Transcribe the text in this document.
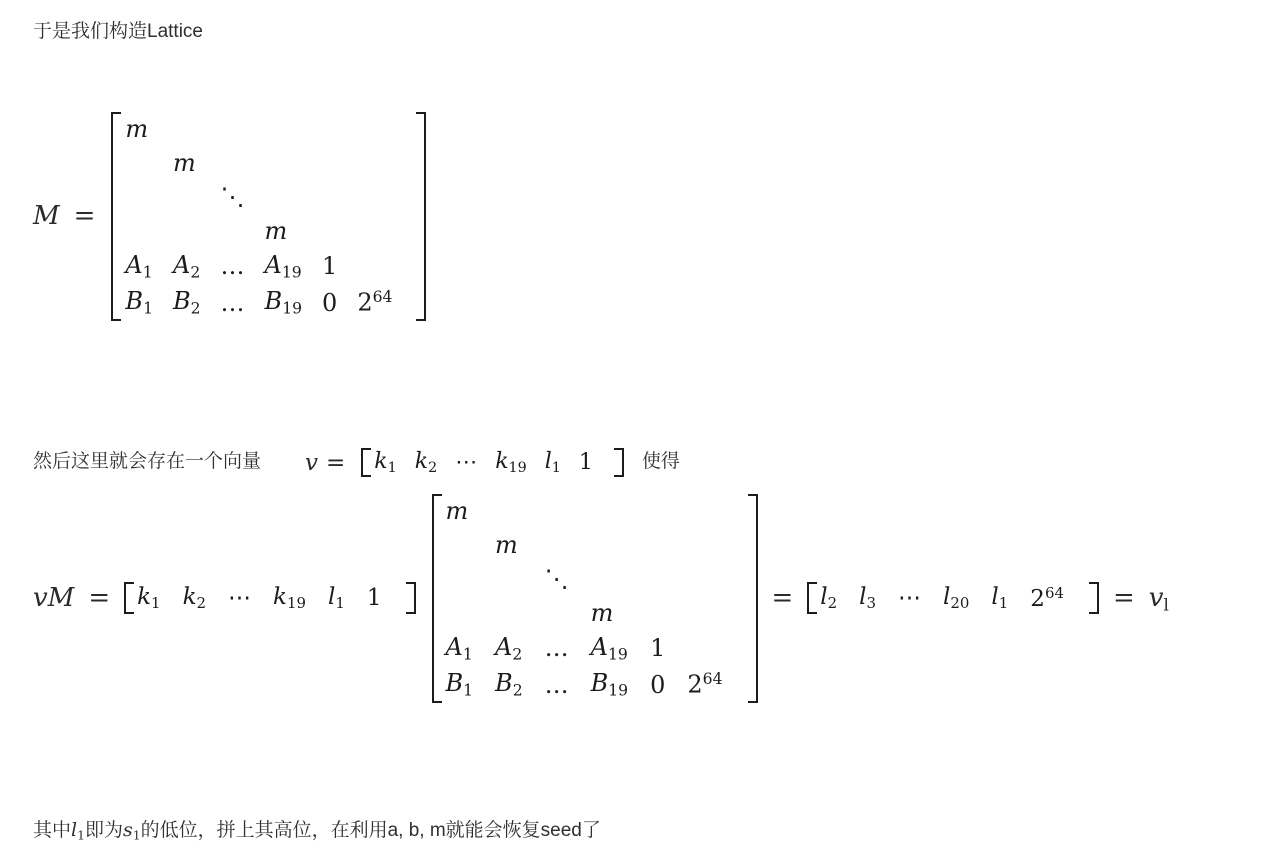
于是我们构造Lattice
M =
m					
	m				
		⋱			
			m		
$A_1$	$A_2$	…	$A_{19}$	1	
$B_1$	$B_2$	…	$B_{19}$	0	$2^{64}$
然后这里就会存在一个向量 $v = k_1$	$k_2$	⋯	$k_{19}$	$l_1$	1	使得
vM = $k_1$	$k_2$	⋯	$k_{19}$	$l_1$	1
m					
	m				
		⋱			
			m		
$A_1$	$A_2$	…	$A_{19}$	1	
$B_1$	$B_2$	…	$B_{19}$	0	$2^{64}$
= $l_2$	$l_3$	⋯	$l_{20}$	$l_1$	$2^{64} = v_l$
其中$l_1$即为$s_1$的低位，拼上其高位，在利用a, b, m就能会恢复seed了
